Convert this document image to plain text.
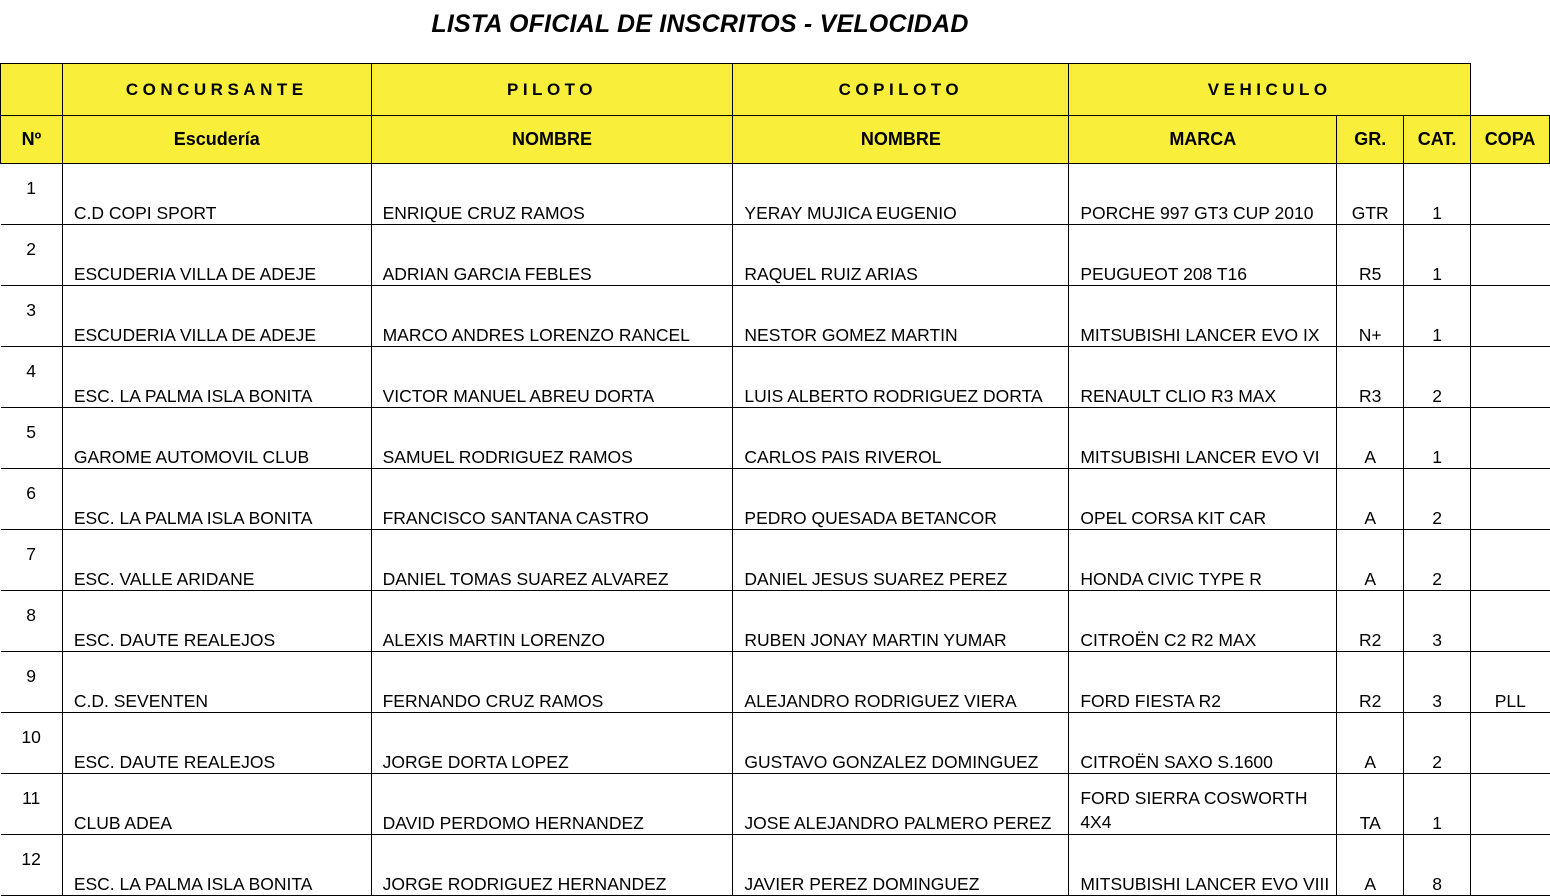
LISTA OFICIAL DE INSCRITOS - VELOCIDAD
	CONCURSANTE	PILOTO	COPILOTO	VEHICULO			
Nº	Escudería	NOMBRE	NOMBRE	MARCA	GR.	CAT.	COPA
1	C.D COPI SPORT	ENRIQUE CRUZ RAMOS	YERAY MUJICA EUGENIO	PORCHE 997 GT3 CUP 2010	GTR	1	
2	ESCUDERIA VILLA DE ADEJE	ADRIAN GARCIA FEBLES	RAQUEL RUIZ ARIAS	PEUGUEOT 208 T16	R5	1	
3	ESCUDERIA VILLA DE ADEJE	MARCO ANDRES LORENZO RANCEL	NESTOR GOMEZ MARTIN	MITSUBISHI LANCER EVO IX	N+	1	
4	ESC. LA PALMA ISLA BONITA	VICTOR MANUEL ABREU DORTA	LUIS ALBERTO RODRIGUEZ DORTA	RENAULT CLIO R3 MAX	R3	2	
5	GAROME AUTOMOVIL CLUB	SAMUEL RODRIGUEZ RAMOS	CARLOS PAIS RIVEROL	MITSUBISHI LANCER EVO VI	A	1	
6	ESC. LA PALMA ISLA BONITA	FRANCISCO SANTANA CASTRO	PEDRO QUESADA BETANCOR	OPEL CORSA KIT CAR	A	2	
7	ESC. VALLE ARIDANE	DANIEL TOMAS SUAREZ ALVAREZ	DANIEL JESUS SUAREZ PEREZ	HONDA CIVIC TYPE R	A	2	
8	ESC. DAUTE REALEJOS	ALEXIS MARTIN LORENZO	RUBEN JONAY MARTIN YUMAR	CITROËN C2 R2 MAX	R2	3	
9	C.D. SEVENTEN	FERNANDO CRUZ RAMOS	ALEJANDRO RODRIGUEZ VIERA	FORD FIESTA R2	R2	3	PLL
10	ESC. DAUTE REALEJOS	JORGE DORTA LOPEZ	GUSTAVO GONZALEZ DOMINGUEZ	CITROËN SAXO S.1600	A	2	
11	CLUB ADEA	DAVID PERDOMO HERNANDEZ	JOSE ALEJANDRO PALMERO PEREZ	FORD SIERRA COSWORTH 4X4	TA	1	
12	ESC. LA PALMA ISLA BONITA	JORGE RODRIGUEZ HERNANDEZ	JAVIER PEREZ DOMINGUEZ	MITSUBISHI LANCER EVO VIII	A	8	
